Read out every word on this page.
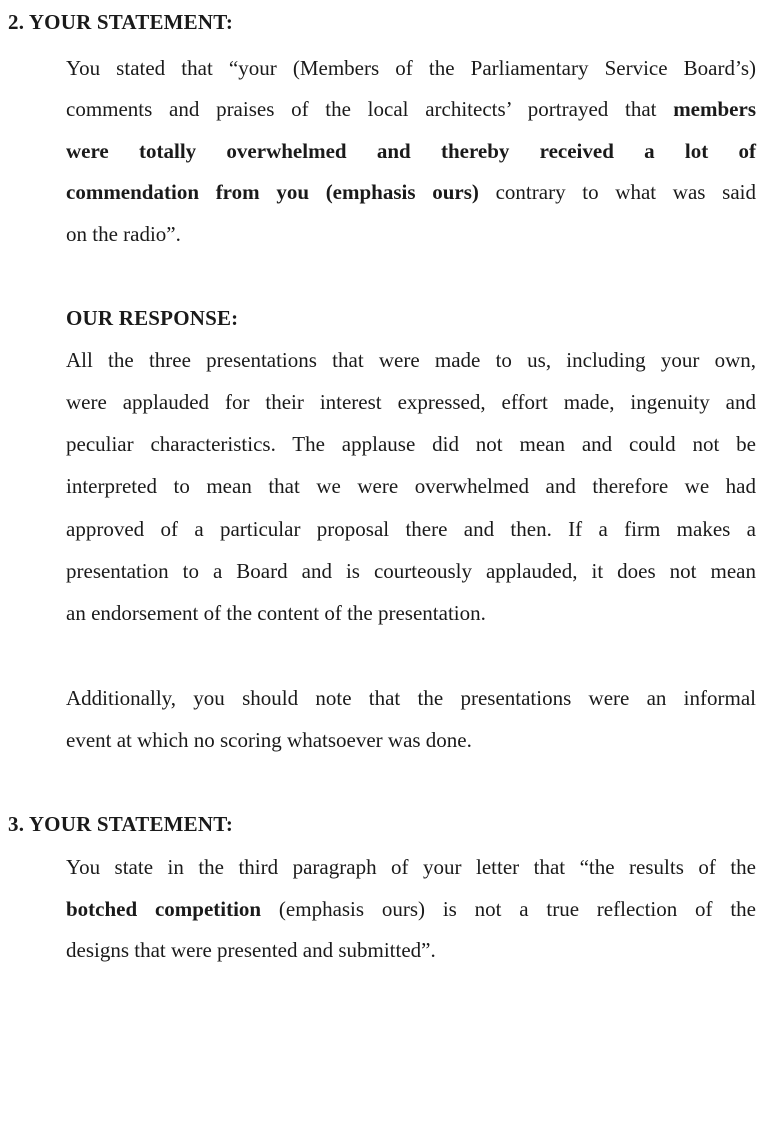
2. YOUR STATEMENT:

You stated that “your (Members of the Parliamentary Service Board’s)

comments and praises of the local architects’ portrayed that members

were totally overwhelmed and thereby received a lot of

commendation from you (emphasis ours) contrary to what was said

on the radio”.

OUR RESPONSE:

All the three presentations that were made to us, including your own,

were applauded for their interest expressed, effort made, ingenuity and

peculiar characteristics. The applause did not mean and could not be

interpreted to mean that we were overwhelmed and therefore we had

approved of a particular proposal there and then. If a firm makes a

presentation to a Board and is courteously applauded, it does not mean

an endorsement of the content of the presentation.

Additionally, you should note that the presentations were an informal

event at which no scoring whatsoever was done.

3. YOUR STATEMENT:

You state in the third paragraph of your letter that “the results of the

botched competition (emphasis ours) is not a true reflection of the

designs that were presented and submitted”.
